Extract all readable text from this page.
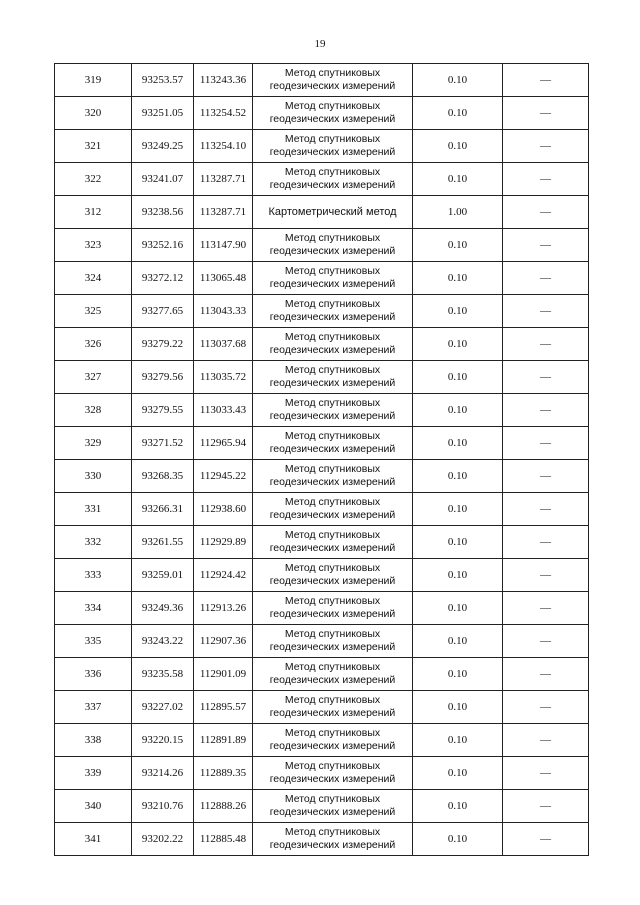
19
319	93253.57	113243.36	Метод спутниковых
геодезических измерений	0.10	—
320	93251.05	113254.52	Метод спутниковых
геодезических измерений	0.10	—
321	93249.25	113254.10	Метод спутниковых
геодезических измерений	0.10	—
322	93241.07	113287.71	Метод спутниковых
геодезических измерений	0.10	—
312	93238.56	113287.71	Картометрический метод	1.00	—
323	93252.16	113147.90	Метод спутниковых
геодезических измерений	0.10	—
324	93272.12	113065.48	Метод спутниковых
геодезических измерений	0.10	—
325	93277.65	113043.33	Метод спутниковых
геодезических измерений	0.10	—
326	93279.22	113037.68	Метод спутниковых
геодезических измерений	0.10	—
327	93279.56	113035.72	Метод спутниковых
геодезических измерений	0.10	—
328	93279.55	113033.43	Метод спутниковых
геодезических измерений	0.10	—
329	93271.52	112965.94	Метод спутниковых
геодезических измерений	0.10	—
330	93268.35	112945.22	Метод спутниковых
геодезических измерений	0.10	—
331	93266.31	112938.60	Метод спутниковых
геодезических измерений	0.10	—
332	93261.55	112929.89	Метод спутниковых
геодезических измерений	0.10	—
333	93259.01	112924.42	Метод спутниковых
геодезических измерений	0.10	—
334	93249.36	112913.26	Метод спутниковых
геодезических измерений	0.10	—
335	93243.22	112907.36	Метод спутниковых
геодезических измерений	0.10	—
336	93235.58	112901.09	Метод спутниковых
геодезических измерений	0.10	—
337	93227.02	112895.57	Метод спутниковых
геодезических измерений	0.10	—
338	93220.15	112891.89	Метод спутниковых
геодезических измерений	0.10	—
339	93214.26	112889.35	Метод спутниковых
геодезических измерений	0.10	—
340	93210.76	112888.26	Метод спутниковых
геодезических измерений	0.10	—
341	93202.22	112885.48	Метод спутниковых
геодезических измерений	0.10	—
